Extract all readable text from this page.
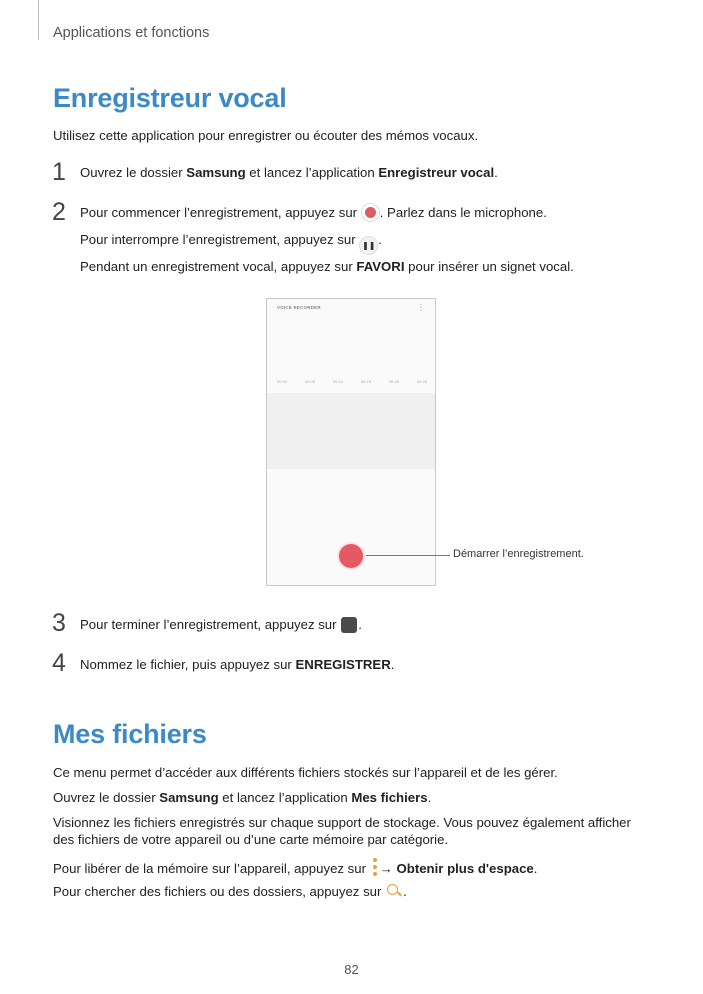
Applications et fonctions
Enregistreur vocal

Utilisez cette application pour enregistrer ou écouter des mémos vocaux.

1 Ouvrez le dossier Samsung et lancez l’application Enregistreur vocal.

2 Pour commencer l’enregistrement, appuyez sur . Parlez dans le microphone.

Pour interrompre l’enregistrement, appuyez sur ❚❚ .

Pendant un enregistrement vocal, appuyez sur FAVORI pour insérer un signet vocal.

VOICE RECORDER	⋮
00:00	00:05	00:10	00:15	00:20	00:25
Démarrer l’enregistrement.
3 Pour terminer l’enregistrement, appuyez sur .

4 Nommez le fichier, puis appuyez sur ENREGISTRER.

Mes fichiers

Ce menu permet d’accéder aux différents fichiers stockés sur l’appareil et de les gérer.

Ouvrez le dossier Samsung et lancez l’application Mes fichiers.

Visionnez les fichiers enregistrés sur chaque support de stockage. Vous pouvez également afficher des fichiers de votre appareil ou d’une carte mémoire par catégorie.

Pour libérer de la mémoire sur l’appareil, appuyez sur
→ Obtenir plus d'espace.

Pour chercher des fichiers ou des dossiers, appuyez sur .

82
